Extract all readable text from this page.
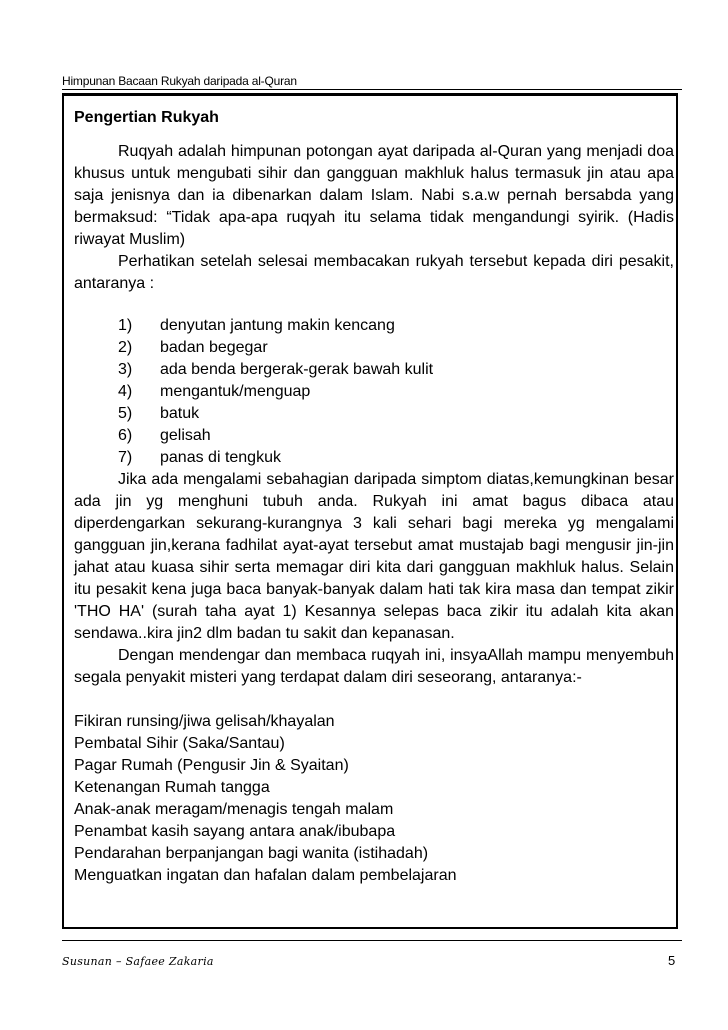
Himpunan Bacaan Rukyah daripada al-Quran

Pengertian Rukyah

Ruqyah adalah himpunan potongan ayat daripada al-Quran yang menjadi doa khusus untuk mengubati sihir dan gangguan makhluk halus termasuk jin atau apa saja jenisnya dan ia dibenarkan dalam Islam. Nabi s.a.w pernah bersabda yang bermaksud: “Tidak apa-apa ruqyah itu selama tidak mengandungi syirik. (Hadis riwayat Muslim)

Perhatikan setelah selesai membacakan rukyah tersebut kepada diri pesakit, antaranya :

1)	denyutan jantung makin kencang
2)	badan begegar
3)	ada benda bergerak-gerak bawah kulit
4)	mengantuk/menguap
5)	batuk
6)	gelisah
7)	panas di tengkuk

Jika ada mengalami sebahagian daripada simptom diatas,kemungkinan besar ada jin yg menghuni tubuh anda. Rukyah ini amat bagus dibaca atau diperdengarkan sekurang-kurangnya 3 kali sehari bagi mereka yg mengalami gangguan jin,kerana fadhilat ayat-ayat tersebut amat mustajab bagi mengusir jin-jin jahat atau kuasa sihir serta memagar diri kita dari gangguan makhluk halus. Selain itu pesakit kena juga baca banyak-banyak dalam hati tak kira masa dan tempat zikir 'THO HA' (surah taha ayat 1) Kesannya selepas baca zikir itu adalah kita akan sendawa..kira jin2 dlm badan tu sakit dan kepanasan.

Dengan mendengar dan membaca ruqyah ini, insyaAllah mampu menyembuh segala penyakit misteri yang terdapat dalam diri seseorang, antaranya:-

Fikiran runsing/jiwa gelisah/khayalan

Pembatal Sihir (Saka/Santau)

Pagar Rumah (Pengusir Jin & Syaitan)

Ketenangan Rumah tangga

Anak-anak meragam/menagis tengah malam

Penambat kasih sayang antara anak/ibubapa

Pendarahan berpanjangan bagi wanita (istihadah)

Menguatkan ingatan dan hafalan dalam pembelajaran

Susunan – Safaee Zakaria	5
